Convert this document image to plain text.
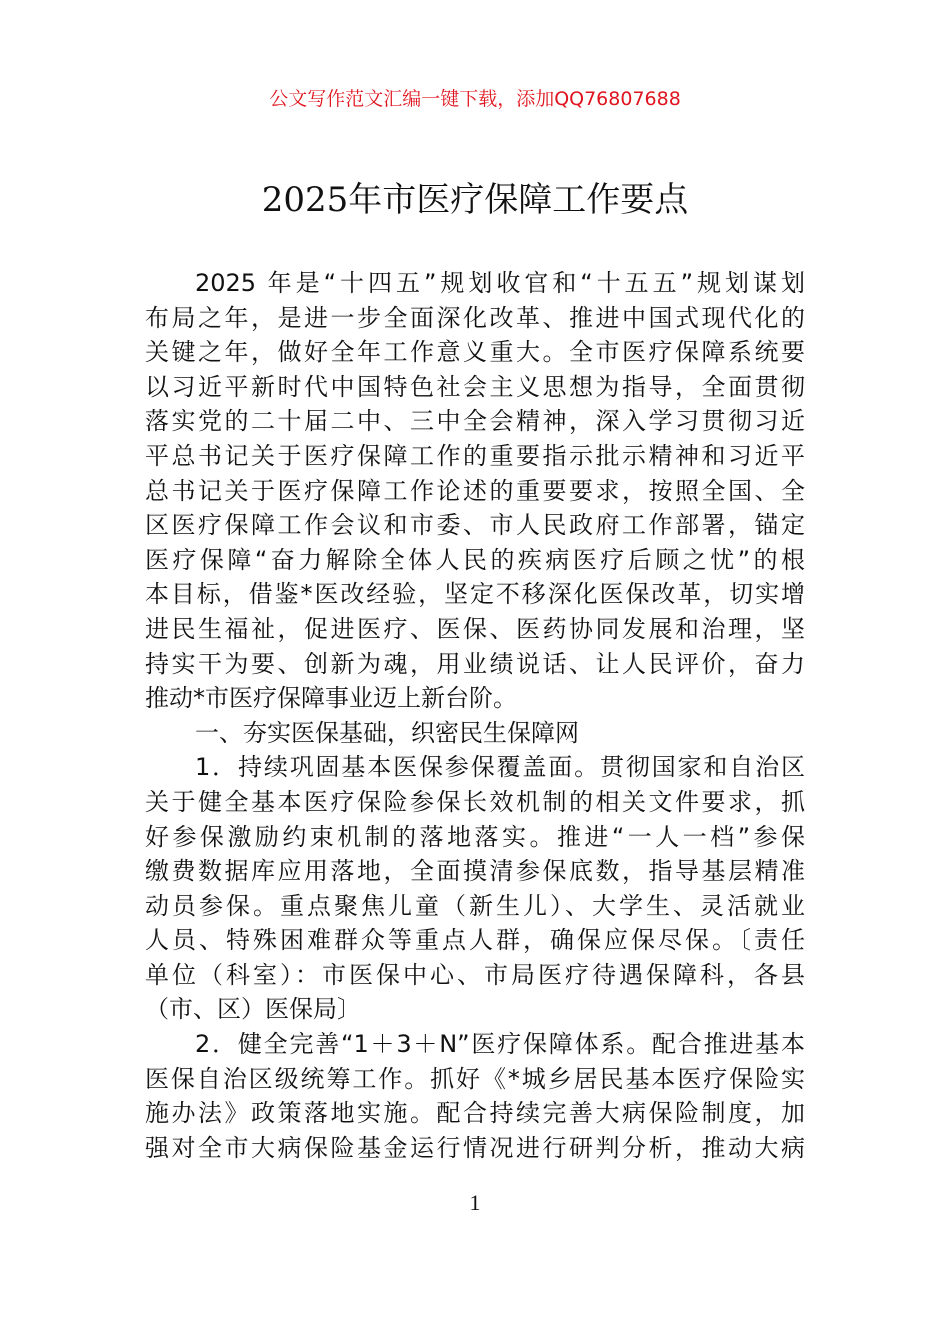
公文写作范文汇编一键下载，添加QQ76807688
2025年市医疗保障工作要点
2025 年是“十四五”规划收官和“十五五”规划谋划
布局之年，是进一步全面深化改革、推进中国式现代化的
关键之年，做好全年工作意义重大。全市医疗保障系统要
以习近平新时代中国特色社会主义思想为指导，全面贯彻
落实党的二十届二中、三中全会精神，深入学习贯彻习近
平总书记关于医疗保障工作的重要指示批示精神和习近平
总书记关于医疗保障工作论述的重要要求，按照全国、全
区医疗保障工作会议和市委、市人民政府工作部署，锚定
医疗保障“奋力解除全体人民的疾病医疗后顾之忧”的根
本目标，借鉴*医改经验，坚定不移深化医保改革，切实增
进民生福祉，促进医疗、医保、医药协同发展和治理，坚
持实干为要、创新为魂，用业绩说话、让人民评价，奋力
推动*市医疗保障事业迈上新台阶。
一、夯实医保基础，织密民生保障网
1．持续巩固基本医保参保覆盖面。贯彻国家和自治区
关于健全基本医疗保险参保长效机制的相关文件要求，抓
好参保激励约束机制的落地落实。推进“一人一档”参保
缴费数据库应用落地，全面摸清参保底数，指导基层精准
动员参保。重点聚焦儿童（新生儿）、大学生、灵活就业
人员、特殊困难群众等重点人群，确保应保尽保。〔责任
单位（科室）：市医保中心、市局医疗待遇保障科，各县
（市、区）医保局〕
2．健全完善“1＋3＋N”医疗保障体系。配合推进基本
医保自治区级统筹工作。抓好《*城乡居民基本医疗保险实
施办法》政策落地实施。配合持续完善大病保险制度，加
强对全市大病保险基金运行情况进行研判分析，推动大病
1
